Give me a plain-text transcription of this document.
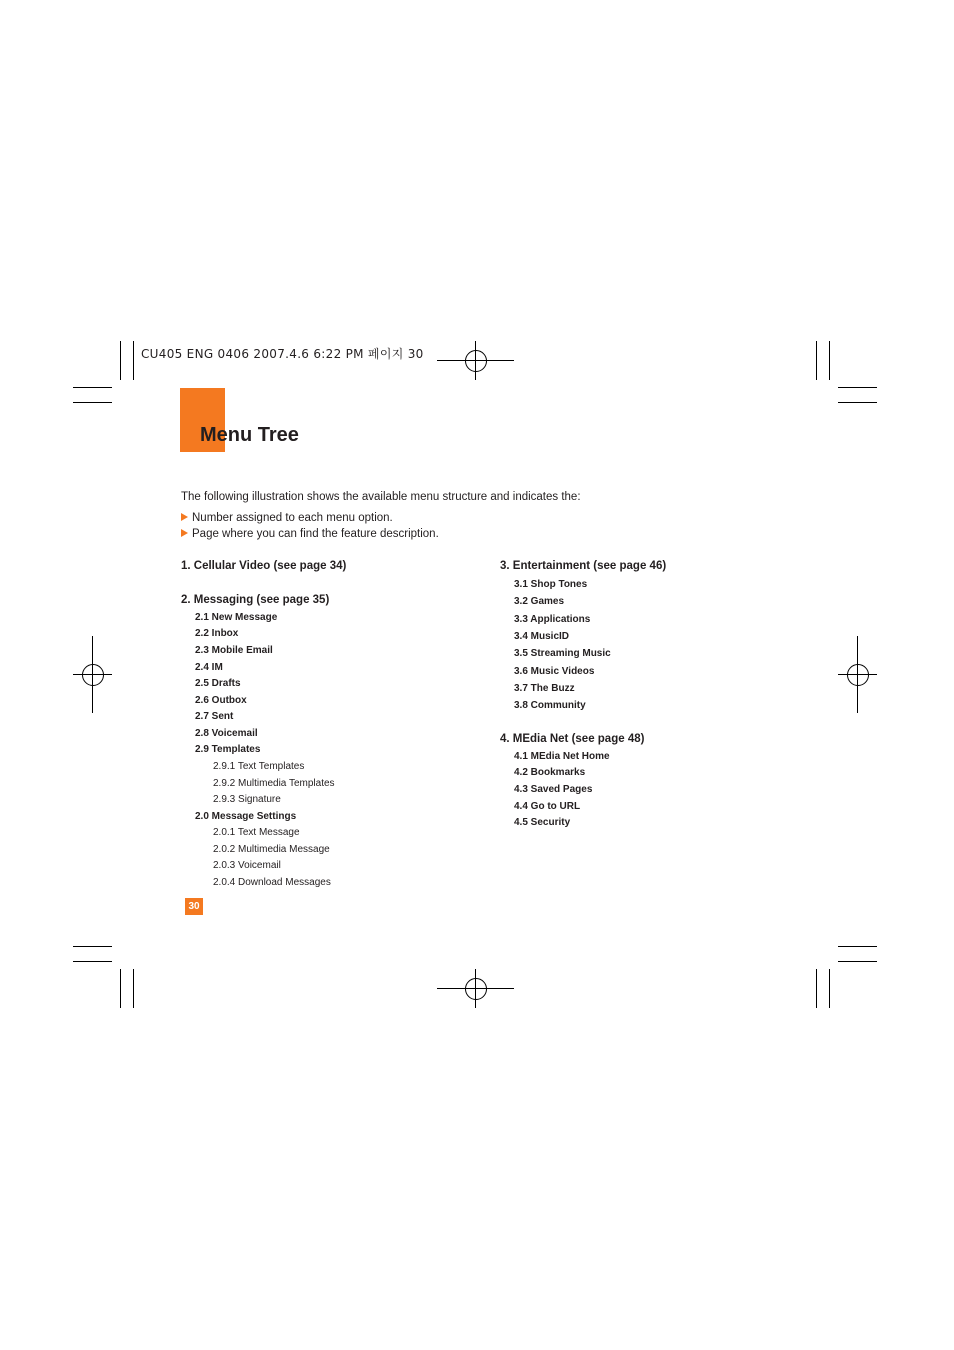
CU405 ENG 0406 2007.4.6 6:22 PM 페이지 30
Menu Tree
The following illustration shows the available menu structure and indicates the:
Number assigned to each menu option.
Page where you can find the feature description.
1. Cellular Video (see page 34)
2. Messaging (see page 35)
2.1 New Message
2.2 Inbox
2.3 Mobile Email
2.4 IM
2.5 Drafts
2.6 Outbox
2.7 Sent
2.8 Voicemail
2.9 Templates
2.9.1 Text Templates
2.9.2 Multimedia Templates
2.9.3 Signature
2.0 Message Settings
2.0.1 Text Message
2.0.2 Multimedia Message
2.0.3 Voicemail
2.0.4 Download Messages
3. Entertainment (see page 46)
3.1 Shop Tones
3.2 Games
3.3 Applications
3.4 MusicID
3.5 Streaming Music
3.6 Music Videos
3.7 The Buzz
3.8 Community
4. MEdia Net (see page 48)
4.1 MEdia Net Home
4.2 Bookmarks
4.3 Saved Pages
4.4 Go to URL
4.5 Security
30
